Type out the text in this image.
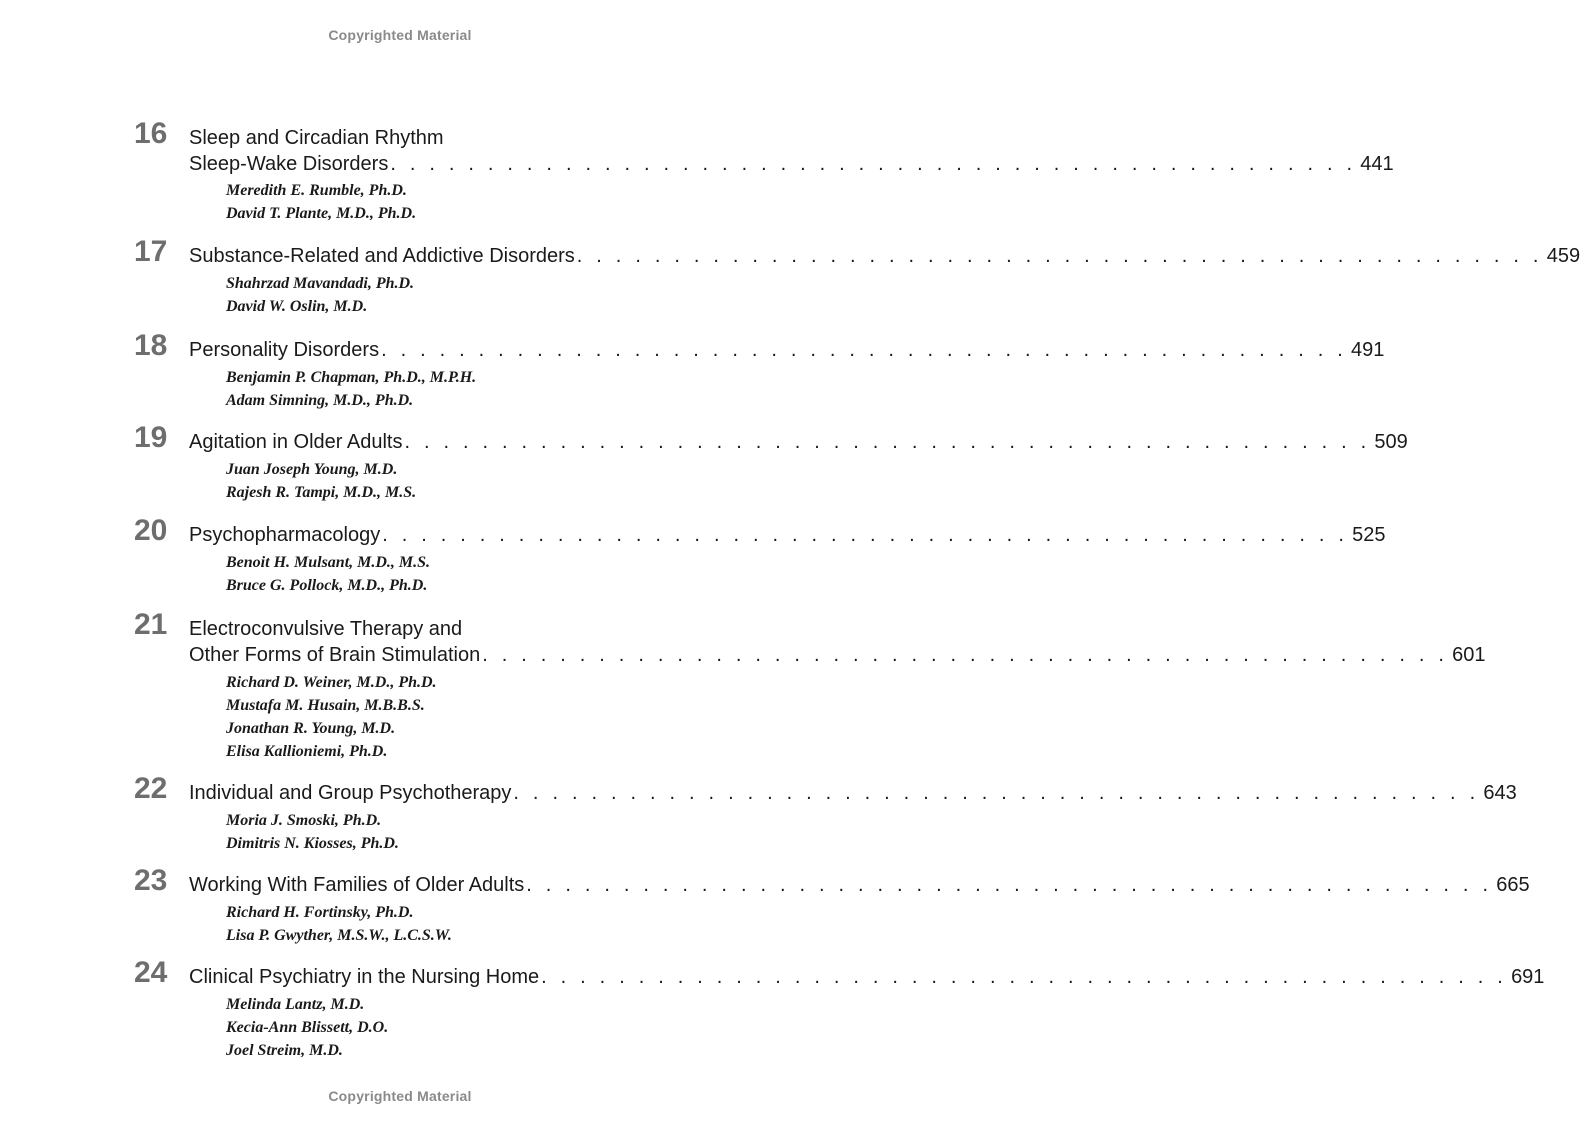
Copyrighted Material
16	Sleep and Circadian Rhythm
Sleep-Wake Disorders . . . . . . . . . . . . . . . . . . . . . . . . . . . . . . . . . . . . . . . . . . . . . . . . . . 441
Meredith E. Rumble, Ph.D.
David T. Plante, M.D., Ph.D.
17	Substance-Related and Addictive Disorders . . . . . . . . . . . . . . . . . . . . . . . . . . . . . . . . . . . . . . . . . . . . . . . . . . 459
Shahrzad Mavandadi, Ph.D.
David W. Oslin, M.D.
18	Personality Disorders . . . . . . . . . . . . . . . . . . . . . . . . . . . . . . . . . . . . . . . . . . . . . . . . . . 491
Benjamin P. Chapman, Ph.D., M.P.H.
Adam Simning, M.D., Ph.D.
19	Agitation in Older Adults . . . . . . . . . . . . . . . . . . . . . . . . . . . . . . . . . . . . . . . . . . . . . . . . . . 509
Juan Joseph Young, M.D.
Rajesh R. Tampi, M.D., M.S.
20	Psychopharmacology . . . . . . . . . . . . . . . . . . . . . . . . . . . . . . . . . . . . . . . . . . . . . . . . . . 525
Benoit H. Mulsant, M.D., M.S.
Bruce G. Pollock, M.D., Ph.D.
21	Electroconvulsive Therapy and
Other Forms of Brain Stimulation . . . . . . . . . . . . . . . . . . . . . . . . . . . . . . . . . . . . . . . . . . . . . . . . . . 601
Richard D. Weiner, M.D., Ph.D.
Mustafa M. Husain, M.B.B.S.
Jonathan R. Young, M.D.
Elisa Kallioniemi, Ph.D.
22	Individual and Group Psychotherapy . . . . . . . . . . . . . . . . . . . . . . . . . . . . . . . . . . . . . . . . . . . . . . . . . . 643
Moria J. Smoski, Ph.D.
Dimitris N. Kiosses, Ph.D.
23	Working With Families of Older Adults . . . . . . . . . . . . . . . . . . . . . . . . . . . . . . . . . . . . . . . . . . . . . . . . . . 665
Richard H. Fortinsky, Ph.D.
Lisa P. Gwyther, M.S.W., L.C.S.W.
24	Clinical Psychiatry in the Nursing Home . . . . . . . . . . . . . . . . . . . . . . . . . . . . . . . . . . . . . . . . . . . . . . . . . . 691
Melinda Lantz, M.D.
Kecia-Ann Blissett, D.O.
Joel Streim, M.D.
Copyrighted Material
